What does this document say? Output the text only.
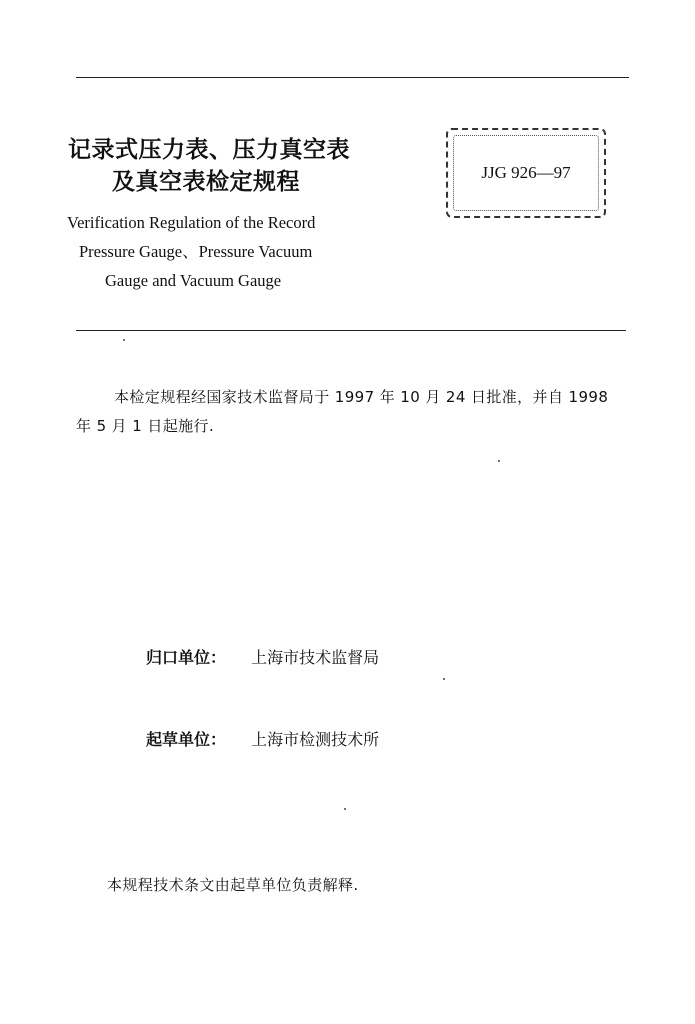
记录式压力表、压力真空表
及真空表检定规程	JJG 926—97
Verification Regulation of the Record
Pressure Gauge、Pressure Vacuum
Gauge and Vacuum Gauge
本检定规程经国家技术监督局于 1997 年 10 月 24 日批准，并自 1998 年 5 月 1 日起施行.
归口单位： 上海市技术监督局
起草单位： 上海市检测技术所
本规程技术条文由起草单位负责解释.
